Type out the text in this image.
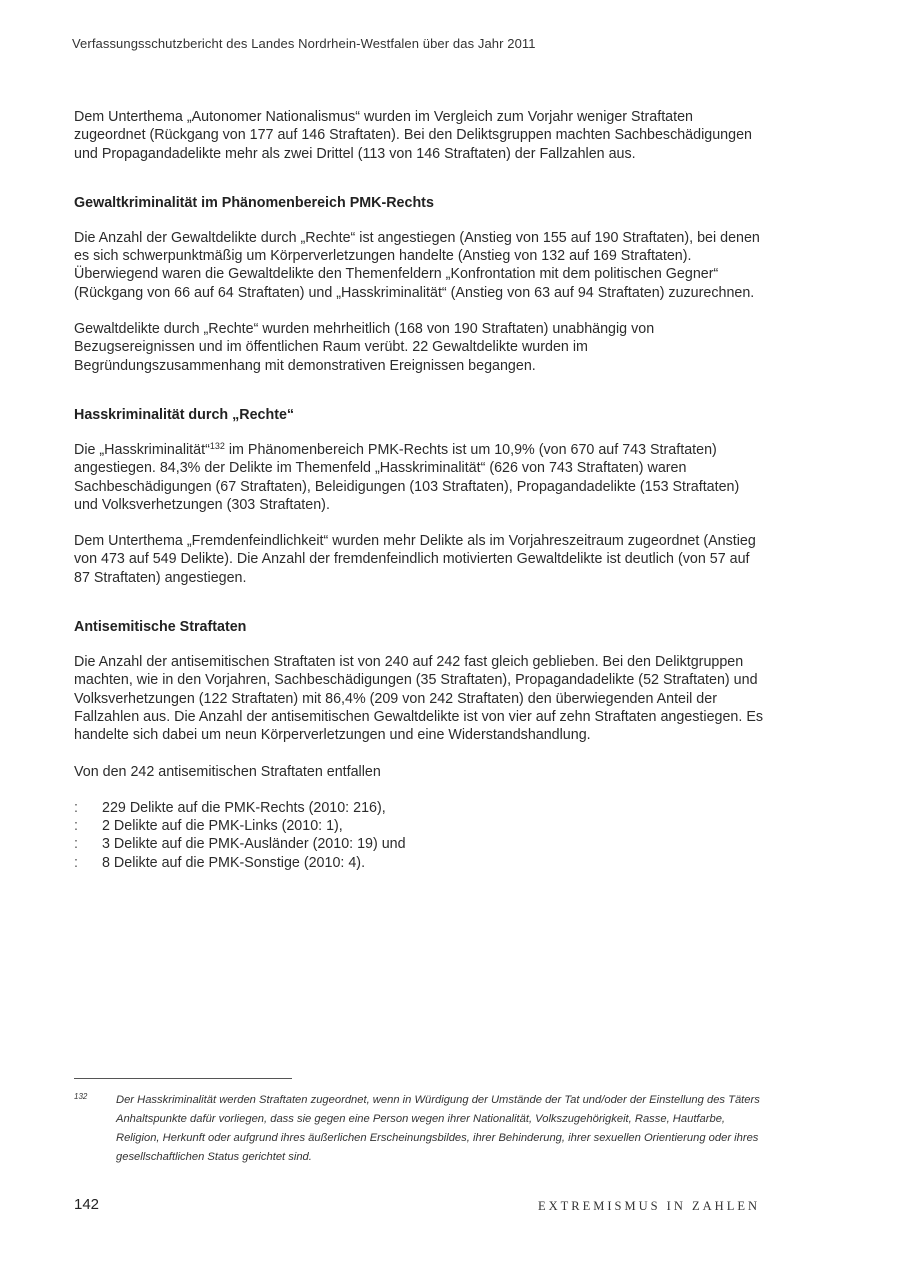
Verfassungsschutzbericht des Landes Nordrhein-Westfalen über das Jahr 2011

Dem Unterthema „Autonomer Nationalismus“ wurden im Vergleich zum Vorjahr weniger Straftaten zugeordnet (Rückgang von 177 auf 146 Straftaten). Bei den Deliktsgruppen machten Sachbeschädigungen und Propagandadelikte mehr als zwei Drittel (113 von 146 Straftaten) der Fallzahlen aus.

Gewaltkriminalität im Phänomenbereich PMK-Rechts

Die Anzahl der Gewaltdelikte durch „Rechte“ ist angestiegen (Anstieg von 155 auf 190 Straftaten), bei denen es sich schwerpunktmäßig um Körperverletzungen handelte (Anstieg von 132 auf 169 Straftaten). Überwiegend waren die Gewaltdelikte den Themenfeldern „Konfrontation mit dem politischen Gegner“ (Rückgang von 66 auf 64 Straftaten) und „Hasskriminalität“ (Anstieg von 63 auf 94 Straftaten) zuzurechnen.

Gewaltdelikte durch „Rechte“ wurden mehrheitlich (168 von 190 Straftaten) unabhängig von Bezugsereignissen und im öffentlichen Raum verübt. 22 Gewaltdelikte wurden im Begründungszusammenhang mit demonstrativen Ereignissen begangen.

Hasskriminalität durch „Rechte“

Die „Hasskriminalität“$^{132}$ im Phänomenbereich PMK-Rechts ist um 10,9% (von 670 auf 743 Straftaten) angestiegen. 84,3% der Delikte im Themenfeld „Hasskriminalität“ (626 von 743 Straftaten) waren Sachbeschädigungen (67 Straftaten), Beleidigungen (103 Straftaten), Propagandadelikte (153 Straftaten) und Volksverhetzungen (303 Straftaten).

Dem Unterthema „Fremdenfeindlichkeit“ wurden mehr Delikte als im Vorjahreszeitraum zugeordnet (Anstieg von 473 auf 549 Delikte). Die Anzahl der fremdenfeindlich motivierten Gewaltdelikte ist deutlich (von 57 auf 87 Straftaten) angestiegen.

Antisemitische Straftaten

Die Anzahl der antisemitischen Straftaten ist von 240 auf 242 fast gleich geblieben. Bei den Deliktgruppen machten, wie in den Vorjahren, Sachbeschädigungen (35 Straftaten), Propagandadelikte (52 Straftaten) und Volksverhetzungen (122 Straftaten) mit 86,4% (209 von 242 Straftaten) den überwiegenden Anteil der Fallzahlen aus. Die Anzahl der antisemitischen Gewaltdelikte ist von vier auf zehn Straftaten angestiegen. Es handelte sich dabei um neun Körperverletzungen und eine Widerstandshandlung.

Von den 242 antisemitischen Straftaten entfallen

: 229 Delikte auf die PMK-Rechts (2010: 216),
: 2 Delikte auf die PMK-Links (2010: 1),
: 3 Delikte auf die PMK-Ausländer (2010: 19) und
: 8 Delikte auf die PMK-Sonstige (2010: 4).
132	Der Hasskriminalität werden Straftaten zugeordnet, wenn in Würdigung der Umstände der Tat und/oder der Einstellung des Täters Anhaltspunkte dafür vorliegen, dass sie gegen eine Person wegen ihrer Nationalität, Volkszugehörigkeit, Rasse, Hautfarbe, Religion, Herkunft oder aufgrund ihres äußerlichen Erscheinungsbildes, ihrer Behinderung, ihrer sexuellen Orientierung oder ihres gesellschaftlichen Status gerichtet sind.
142	EXTREMISMUS IN ZAHLEN
